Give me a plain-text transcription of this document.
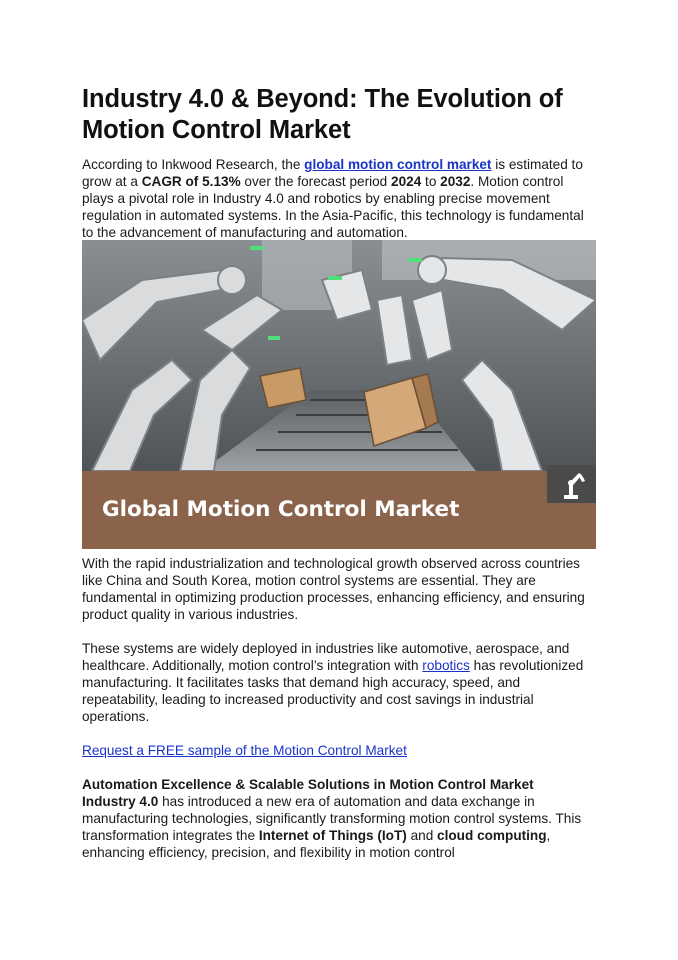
Industry 4.0 & Beyond: The Evolution of Motion Control Market

According to Inkwood Research, the global motion control market is estimated to grow at a CAGR of 5.13% over the forecast period 2024 to 2032. Motion control plays a pivotal role in Industry 4.0 and robotics by enabling precise movement regulation in automated systems. In the Asia-Pacific, this technology is fundamental to the advancement of manufacturing and automation.

Global Motion Control Market

With the rapid industrialization and technological growth observed across countries like China and South Korea, motion control systems are essential. They are fundamental in optimizing production processes, enhancing efficiency, and ensuring product quality in various industries.

These systems are widely deployed in industries like automotive, aerospace, and healthcare. Additionally, motion control’s integration with robotics has revolutionized manufacturing. It facilitates tasks that demand high accuracy, speed, and repeatability, leading to increased productivity and cost savings in industrial operations.

Request a FREE sample of the Motion Control Market

Automation Excellence & Scalable Solutions in Motion Control Market

Industry 4.0 has introduced a new era of automation and data exchange in manufacturing technologies, significantly transforming motion control systems. This transformation integrates the Internet of Things (IoT) and cloud computing, enhancing efficiency, precision, and flexibility in motion control
